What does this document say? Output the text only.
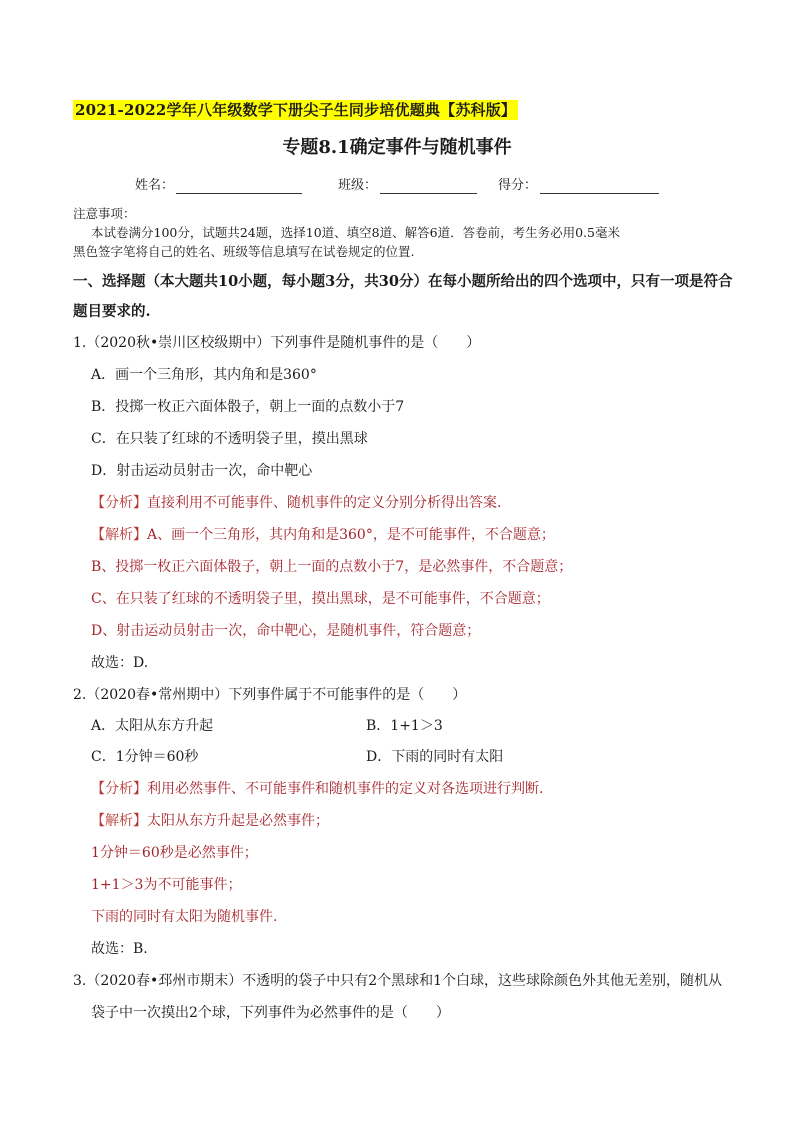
2021-2022学年八年级数学下册尖子生同步培优题典【苏科版】
专题8.1确定事件与随机事件
姓名：	班级：	得分：
注意事项：
本试卷满分100分，试题共24题，选择10道、填空8道、解答6道．答卷前，考生务必用0.5毫米
黑色签字笔将自己的姓名、班级等信息填写在试卷规定的位置.
一、选择题（本大题共10小题，每小题3分，共30分）在每小题所给出的四个选项中，只有一项是符合
题目要求的.
1.（2020秋•崇川区校级期中）下列事件是随机事件的是（　　）
A．画一个三角形，其内角和是360°
B．投掷一枚正六面体骰子，朝上一面的点数小于7
C．在只装了红球的不透明袋子里，摸出黑球
D．射击运动员射击一次，命中靶心
【分析】直接利用不可能事件、随机事件的定义分别分析得出答案.
【解析】A、画一个三角形，其内角和是360°，是不可能事件，不合题意；
B、投掷一枚正六面体骰子，朝上一面的点数小于7，是必然事件，不合题意；
C、在只装了红球的不透明袋子里，摸出黑球，是不可能事件，不合题意；
D、射击运动员射击一次，命中靶心，是随机事件，符合题意；
故选：D.
2.（2020春•常州期中）下列事件属于不可能事件的是（　　）
A．太阳从东方升起	B．1+1＞3
C．1分钟＝60秒	D．下雨的同时有太阳
【分析】利用必然事件、不可能事件和随机事件的定义对各选项进行判断.
【解析】太阳从东方升起是必然事件；
1分钟＝60秒是必然事件；
1+1＞3为不可能事件；
下雨的同时有太阳为随机事件.
故选：B.
3.（2020春•邳州市期末）不透明的袋子中只有2个黑球和1个白球，这些球除颜色外其他无差别，随机从
袋子中一次摸出2个球，下列事件为必然事件的是（　　）
